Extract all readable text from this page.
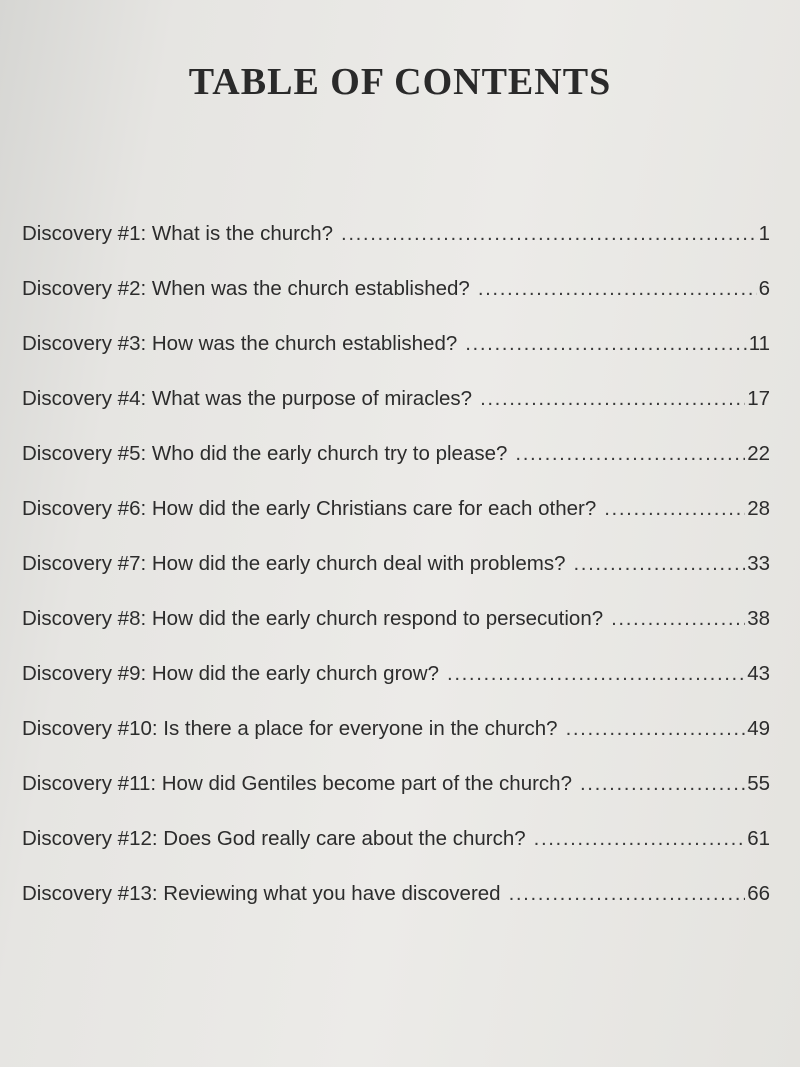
TABLE OF CONTENTS
Discovery #1: What is the church? .....	1
Discovery #2: When was the church established? .....	6
Discovery #3: How was the church established? .....	11
Discovery #4: What was the purpose of miracles? .....	17
Discovery #5: Who did the early church try to please? .....	22
Discovery #6: How did the early Christians care for each other? .....	28
Discovery #7: How did the early church deal with problems? .....	33
Discovery #8: How did the early church respond to persecution? .....	38
Discovery #9: How did the early church grow? .....	43
Discovery #10: Is there a place for everyone in the church? .....	49
Discovery #11: How did Gentiles become part of the church? .....	55
Discovery #12: Does God really care about the church? .....	61
Discovery #13: Reviewing what you have discovered .....	66
